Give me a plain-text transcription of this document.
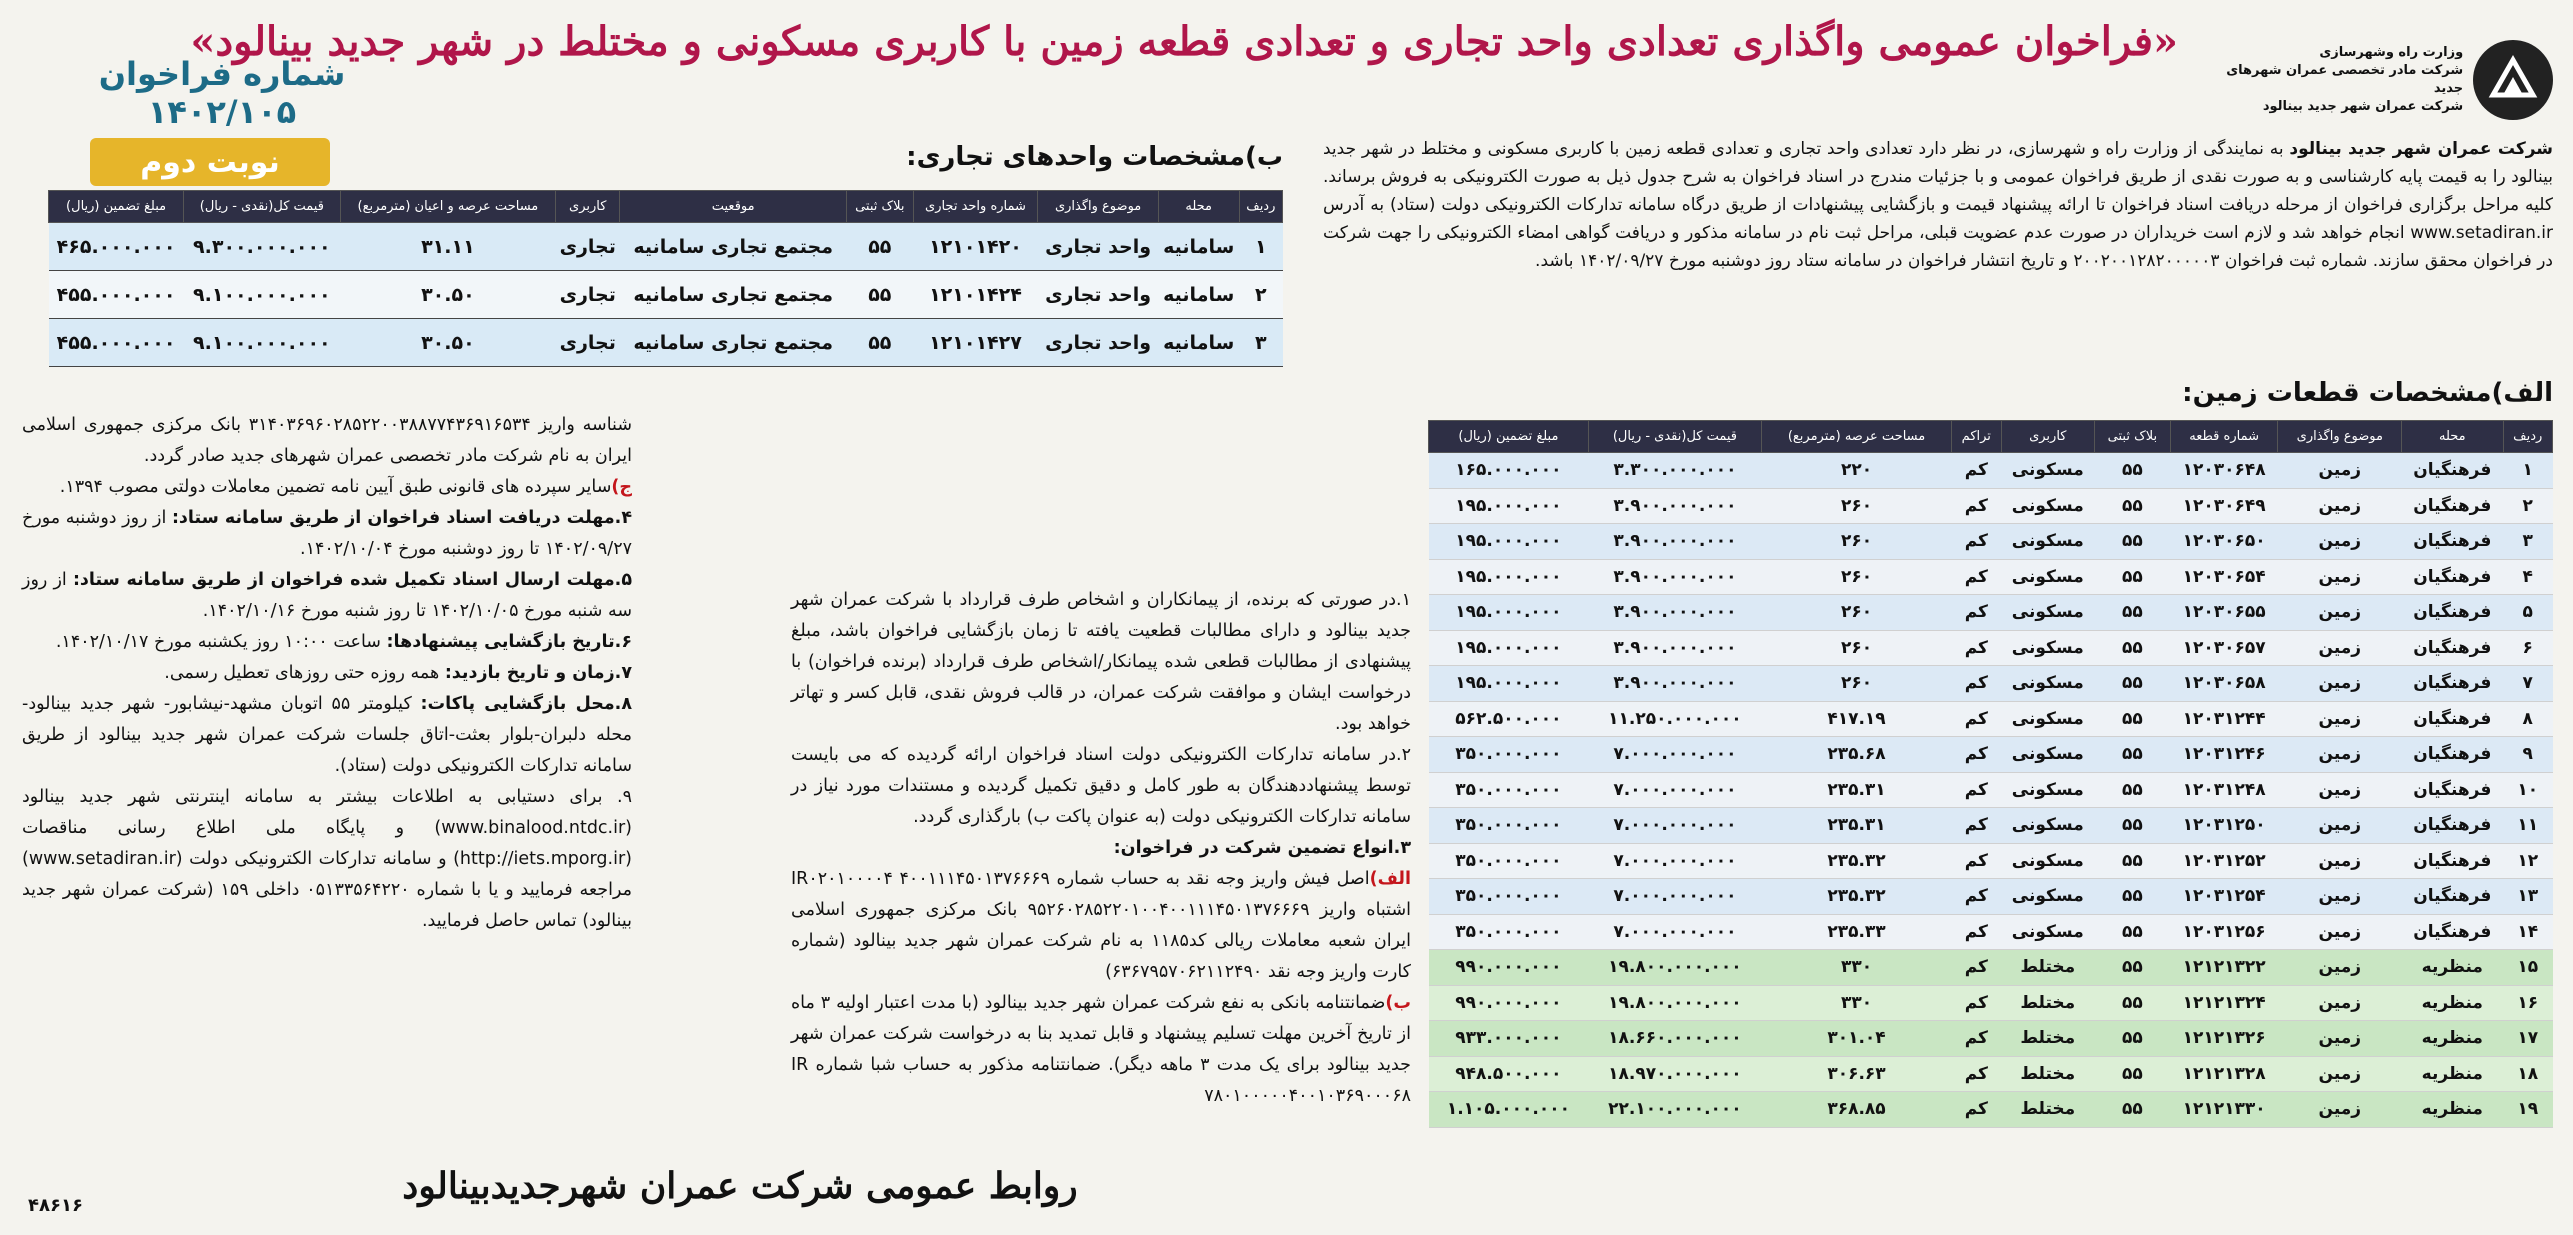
وزارت راه وشهرسازی
شرکت مادر تخصصی عمران شهرهای جدید
شرکت عمران شهر جدید بینالود
«فراخوان عمومی واگذاری تعدادی واحد تجاری و تعدادی قطعه زمین با کاربری مسکونی و مختلط در شهر جدید بینالود»
شماره فراخوان ۱۴۰۲/۱۰۵
نوبت دوم	شرکت عمران شهر جدید بینالود به نمایندگی از وزارت راه و شهرسازی، در نظر دارد تعدادی واحد تجاری و تعدادی قطعه زمین با کاربری مسکونی و مختلط در شهر جدید بینالود را به قیمت پایه کارشناسی و به صورت نقدی از طریق فراخوان عمومی و با جزئیات مندرج در اسناد فراخوان به شرح جدول ذیل به صورت الکترونیکی به فروش برساند. کلیه مراحل برگزاری فراخوان از مرحله دریافت اسناد فراخوان تا ارائه پیشنهاد قیمت و بازگشایی پیشنهادات از طریق درگاه سامانه تدارکات الکترونیکی دولت (ستاد) به آدرس www.setadiran.ir انجام خواهد شد و لازم است خریداران در صورت عدم عضویت قبلی، مراحل ثبت نام در سامانه مذکور و دریافت گواهی امضاء الکترونیکی را جهت شرکت در فراخوان محقق سازند. شماره ثبت فراخوان ۲۰۰۲۰۰۱۲۸۲۰۰۰۰۰۳ و تاریخ انتشار فراخوان در سامانه ستاد روز دوشنبه مورخ ۱۴۰۲/۰۹/۲۷ باشد.

ب)مشخصات واحدهای تجاری:
ردیف	محله	موضوع واگذاری	شماره واحد تجاری	بلاک ثبتی	موقعیت	کاربری	مساحت عرصه و اعیان (مترمربع)	قیمت کل(نقدی - ریال)	مبلغ تضمین (ریال)
۱	سامانیه	واحد تجاری	۱۲۱۰۱۴۲۰	۵۵	مجتمع تجاری سامانیه	تجاری	۳۱.۱۱	۹.۳۰۰.۰۰۰.۰۰۰	۴۶۵.۰۰۰.۰۰۰
۲	سامانیه	واحد تجاری	۱۲۱۰۱۴۲۴	۵۵	مجتمع تجاری سامانیه	تجاری	۳۰.۵۰	۹.۱۰۰.۰۰۰.۰۰۰	۴۵۵.۰۰۰.۰۰۰
۳	سامانیه	واحد تجاری	۱۲۱۰۱۴۲۷	۵۵	مجتمع تجاری سامانیه	تجاری	۳۰.۵۰	۹.۱۰۰.۰۰۰.۰۰۰	۴۵۵.۰۰۰.۰۰۰
الف)مشخصات قطعات زمین:
ردیف	محله	موضوع واگذاری	شماره قطعه	بلاک ثبتی	کاربری	تراکم	مساحت عرصه (مترمربع)	قیمت کل(نقدی - ریال)	مبلغ تضمین (ریال)
۱	فرهنگیان	زمین	۱۲۰۳۰۶۴۸	۵۵	مسکونی	کم	۲۲۰	۳.۳۰۰.۰۰۰.۰۰۰	۱۶۵.۰۰۰.۰۰۰
۲	فرهنگیان	زمین	۱۲۰۳۰۶۴۹	۵۵	مسکونی	کم	۲۶۰	۳.۹۰۰.۰۰۰.۰۰۰	۱۹۵.۰۰۰.۰۰۰
۳	فرهنگیان	زمین	۱۲۰۳۰۶۵۰	۵۵	مسکونی	کم	۲۶۰	۳.۹۰۰.۰۰۰.۰۰۰	۱۹۵.۰۰۰.۰۰۰
۴	فرهنگیان	زمین	۱۲۰۳۰۶۵۴	۵۵	مسکونی	کم	۲۶۰	۳.۹۰۰.۰۰۰.۰۰۰	۱۹۵.۰۰۰.۰۰۰
۵	فرهنگیان	زمین	۱۲۰۳۰۶۵۵	۵۵	مسکونی	کم	۲۶۰	۳.۹۰۰.۰۰۰.۰۰۰	۱۹۵.۰۰۰.۰۰۰
۶	فرهنگیان	زمین	۱۲۰۳۰۶۵۷	۵۵	مسکونی	کم	۲۶۰	۳.۹۰۰.۰۰۰.۰۰۰	۱۹۵.۰۰۰.۰۰۰
۷	فرهنگیان	زمین	۱۲۰۳۰۶۵۸	۵۵	مسکونی	کم	۲۶۰	۳.۹۰۰.۰۰۰.۰۰۰	۱۹۵.۰۰۰.۰۰۰
۸	فرهنگیان	زمین	۱۲۰۳۱۲۴۴	۵۵	مسکونی	کم	۴۱۷.۱۹	۱۱.۲۵۰.۰۰۰.۰۰۰	۵۶۲.۵۰۰.۰۰۰
۹	فرهنگیان	زمین	۱۲۰۳۱۲۴۶	۵۵	مسکونی	کم	۲۳۵.۶۸	۷.۰۰۰.۰۰۰.۰۰۰	۳۵۰.۰۰۰.۰۰۰
۱۰	فرهنگیان	زمین	۱۲۰۳۱۲۴۸	۵۵	مسکونی	کم	۲۳۵.۳۱	۷.۰۰۰.۰۰۰.۰۰۰	۳۵۰.۰۰۰.۰۰۰
۱۱	فرهنگیان	زمین	۱۲۰۳۱۲۵۰	۵۵	مسکونی	کم	۲۳۵.۳۱	۷.۰۰۰.۰۰۰.۰۰۰	۳۵۰.۰۰۰.۰۰۰
۱۲	فرهنگیان	زمین	۱۲۰۳۱۲۵۲	۵۵	مسکونی	کم	۲۳۵.۳۲	۷.۰۰۰.۰۰۰.۰۰۰	۳۵۰.۰۰۰.۰۰۰
۱۳	فرهنگیان	زمین	۱۲۰۳۱۲۵۴	۵۵	مسکونی	کم	۲۳۵.۳۲	۷.۰۰۰.۰۰۰.۰۰۰	۳۵۰.۰۰۰.۰۰۰
۱۴	فرهنگیان	زمین	۱۲۰۳۱۲۵۶	۵۵	مسکونی	کم	۲۳۵.۳۳	۷.۰۰۰.۰۰۰.۰۰۰	۳۵۰.۰۰۰.۰۰۰
۱۵	منظریه	زمین	۱۲۱۲۱۳۲۲	۵۵	مختلط	کم	۳۳۰	۱۹.۸۰۰.۰۰۰.۰۰۰	۹۹۰.۰۰۰.۰۰۰
۱۶	منظریه	زمین	۱۲۱۲۱۳۲۴	۵۵	مختلط	کم	۳۳۰	۱۹.۸۰۰.۰۰۰.۰۰۰	۹۹۰.۰۰۰.۰۰۰
۱۷	منظریه	زمین	۱۲۱۲۱۳۲۶	۵۵	مختلط	کم	۳۰۱.۰۴	۱۸.۶۶۰.۰۰۰.۰۰۰	۹۳۳.۰۰۰.۰۰۰
۱۸	منظریه	زمین	۱۲۱۲۱۳۲۸	۵۵	مختلط	کم	۳۰۶.۶۳	۱۸.۹۷۰.۰۰۰.۰۰۰	۹۴۸.۵۰۰.۰۰۰
۱۹	منظریه	زمین	۱۲۱۲۱۳۳۰	۵۵	مختلط	کم	۳۶۸.۸۵	۲۲.۱۰۰.۰۰۰.۰۰۰	۱.۱۰۵.۰۰۰.۰۰۰

۱.در صورتی که برنده، از پیمانکاران و اشخاص طرف قرارداد با شرکت عمران شهر جدید بینالود و دارای مطالبات قطعیت یافته تا زمان بازگشایی فراخوان باشد، مبلغ پیشنهادی از مطالبات قطعی شده پیمانکار/اشخاص طرف قرارداد (برنده فراخوان) با درخواست ایشان و موافقت شرکت عمران، در قالب فروش نقدی، قابل کسر و تهاتر خواهد بود.

۲.در سامانه تدارکات الکترونیکی دولت اسناد فراخوان ارائه گردیده که می بایست توسط پیشنهاددهندگان به طور کامل و دقیق تکمیل گردیده و مستندات مورد نیاز در سامانه تدارکات الکترونیکی دولت (به عنوان پاکت ب) بارگذاری گردد.

۳.انواع تضمین شرکت در فراخوان:

الف)اصل فیش واریز وجه نقد به حساب شماره ۴۰۰۱۱۱۴۵۰۱۳۷۶۶۶۹ IR۰۲۰۱۰۰۰۰۴ اشتباه واریز ۹۵۲۶۰۲۸۵۲۲۰۱۰۰۴۰۰۱۱۱۴۵۰۱۳۷۶۶۶۹ بانک مرکزی جمهوری اسلامی ایران شعبه معاملات ریالی کد۱۱۸۵ به نام شرکت عمران شهر جدید بینالود (شماره کارت واریز وجه نقد ۶۳۶۷۹۵۷۰۶۲۱۱۲۴۹۰)

ب)ضمانتنامه بانکی به نفع شرکت عمران شهر جدید بینالود (با مدت اعتبار اولیه ۳ ماه از تاریخ آخرین مهلت تسلیم پیشنهاد و قابل تمدید بنا به درخواست شرکت عمران شهر جدید بینالود برای یک مدت ۳ ماهه دیگر). ضمانتنامه مذکور به حساب شبا شماره IR ۷۸۰۱۰۰۰۰۰۴۰۰۱۰۳۶۹۰۰۰۶۸

شناسه واریز ۳۱۴۰۳۶۹۶۰۲۸۵۲۲۰۰۳۸۸۷۷۴۳۶۹۱۶۵۳۴ بانک مرکزی جمهوری اسلامی ایران به نام شرکت مادر تخصصی عمران شهرهای جدید صادر گردد.

ج)سایر سپرده های قانونی طبق آیین نامه تضمین معاملات دولتی مصوب ۱۳۹۴.

۴.مهلت دریافت اسناد فراخوان از طریق سامانه ستاد: از روز دوشنبه مورخ ۱۴۰۲/۰۹/۲۷ تا روز دوشنبه مورخ ۱۴۰۲/۱۰/۰۴.

۵.مهلت ارسال اسناد تکمیل شده فراخوان از طریق سامانه ستاد: از روز سه شنبه مورخ ۱۴۰۲/۱۰/۰۵ تا روز شنبه مورخ ۱۴۰۲/۱۰/۱۶.

۶.تاریخ بازگشایی پیشنهادها: ساعت ۱۰:۰۰ روز یکشنبه مورخ ۱۴۰۲/۱۰/۱۷.

۷.زمان و تاریخ بازدید: همه روزه حتی روزهای تعطیل رسمی.

۸.محل بازگشایی پاکات: کیلومتر ۵۵ اتوبان مشهد-نیشابور- شهر جدید بینالود-محله دلبران-بلوار بعثت-اتاق جلسات شرکت عمران شهر جدید بینالود از طریق سامانه تدارکات الکترونیکی دولت (ستاد).

۹. برای دستیابی به اطلاعات بیشتر به سامانه اینترنتی شهر جدید بینالود (www.binalood.ntdc.ir) و پایگاه ملی اطلاع رسانی مناقصات (http://iets.mporg.ir) و سامانه تدارکات الکترونیکی دولت (www.setadiran.ir) مراجعه فرمایید و یا با شماره ۰۵۱۳۳۵۶۴۲۲۰ داخلی ۱۵۹ (شرکت عمران شهر جدید بینالود) تماس حاصل فرمایید.

روابط عمومی شرکت عمران شهرجدیدبینالود
۴۸۶۱۶
